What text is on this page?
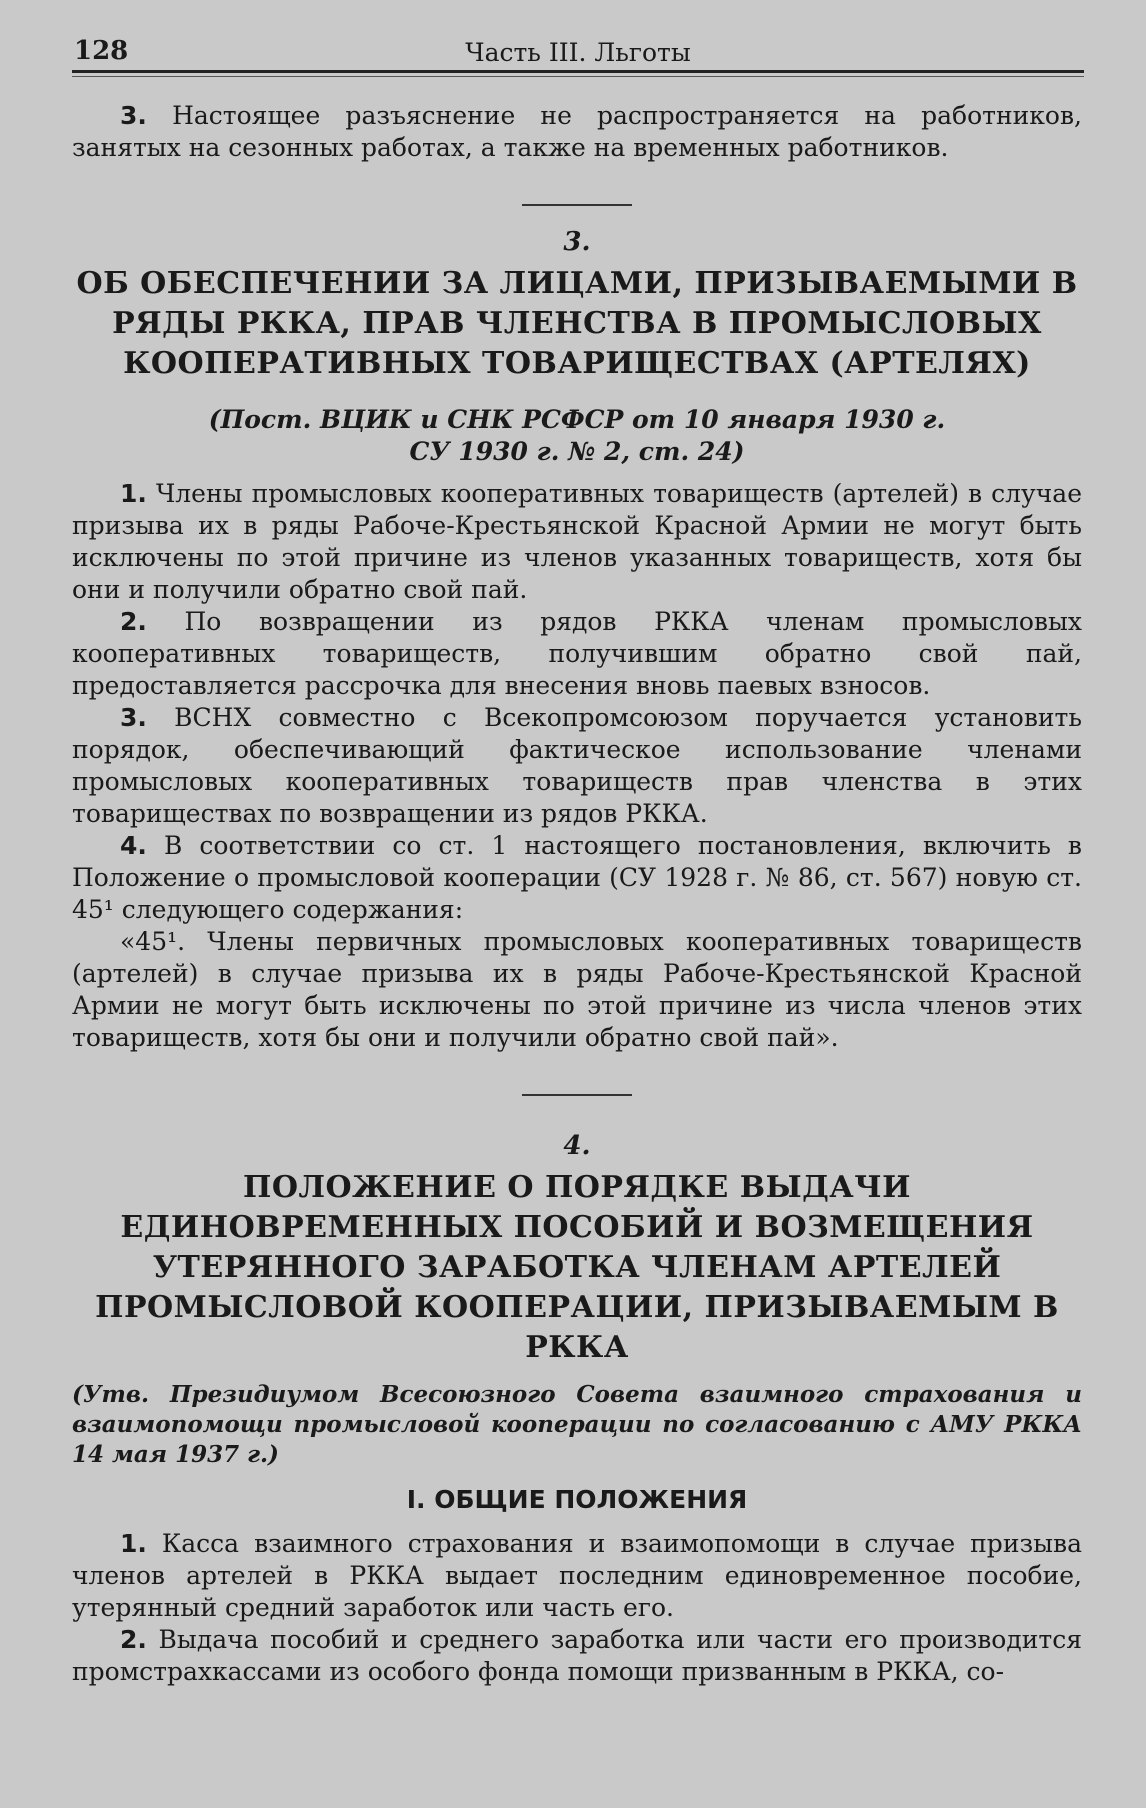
128	Часть III. Льготы

3. Настоящее разъяснение не распространяется на работников, занятых на сезонных работах, а также на временных работников.

3.
ОБ ОБЕСПЕЧЕНИИ ЗА ЛИЦАМИ, ПРИЗЫВАЕМЫМИ В РЯДЫ РККА, ПРАВ ЧЛЕНСТВА В ПРОМЫСЛОВЫХ КООПЕРАТИВНЫХ ТОВАРИЩЕСТВАХ (АРТЕЛЯХ)
(Пост. ВЦИК и СНК РСФСР от 10 января 1930 г.
СУ 1930 г. № 2, ст. 24)

1. Члены промысловых кооперативных товариществ (артелей) в случае призыва их в ряды Рабоче-Крестьянской Красной Армии не могут быть исключены по этой причине из членов указанных товариществ, хотя бы они и получили обратно свой пай.

2. По возвращении из рядов РККА членам промысловых кооперативных товариществ, получившим обратно свой пай, предоставляется рассрочка для внесения вновь паевых взносов.

3. ВСНХ совместно с Всекопромсоюзом поручается установить порядок, обеспечивающий фактическое использование членами промысловых кооперативных товариществ прав членства в этих товариществах по возвращении из рядов РККА.

4. В соответствии со ст. 1 настоящего постановления, включить в Положение о промысловой кооперации (СУ 1928 г. № 86, ст. 567) новую ст. 45¹ следующего содержания:

«45¹. Члены первичных промысловых кооперативных товариществ (артелей) в случае призыва их в ряды Рабоче-Крестьянской Красной Армии не могут быть исключены по этой причине из числа членов этих товариществ, хотя бы они и получили обратно свой пай».

4.
ПОЛОЖЕНИЕ О ПОРЯДКЕ ВЫДАЧИ ЕДИНОВРЕМЕННЫХ ПОСОБИЙ И ВОЗМЕЩЕНИЯ УТЕРЯННОГО ЗАРАБОТКА ЧЛЕНАМ АРТЕЛЕЙ ПРОМЫСЛОВОЙ КООПЕРАЦИИ, ПРИЗЫВАЕМЫМ В РККА
(Утв. Президиумом Всесоюзного Совета взаимного страхования и взаимопомощи промысловой кооперации по согласованию с АМУ РККА 14 мая 1937 г.)
I. ОБЩИЕ ПОЛОЖЕНИЯ

1. Касса взаимного страхования и взаимопомощи в случае призыва членов артелей в РККА выдает последним единовременное пособие, утерянный средний заработок или часть его.

2. Выдача пособий и среднего заработка или части его производится промстрахкассами из особого фонда помощи призванным в РККА, со-
